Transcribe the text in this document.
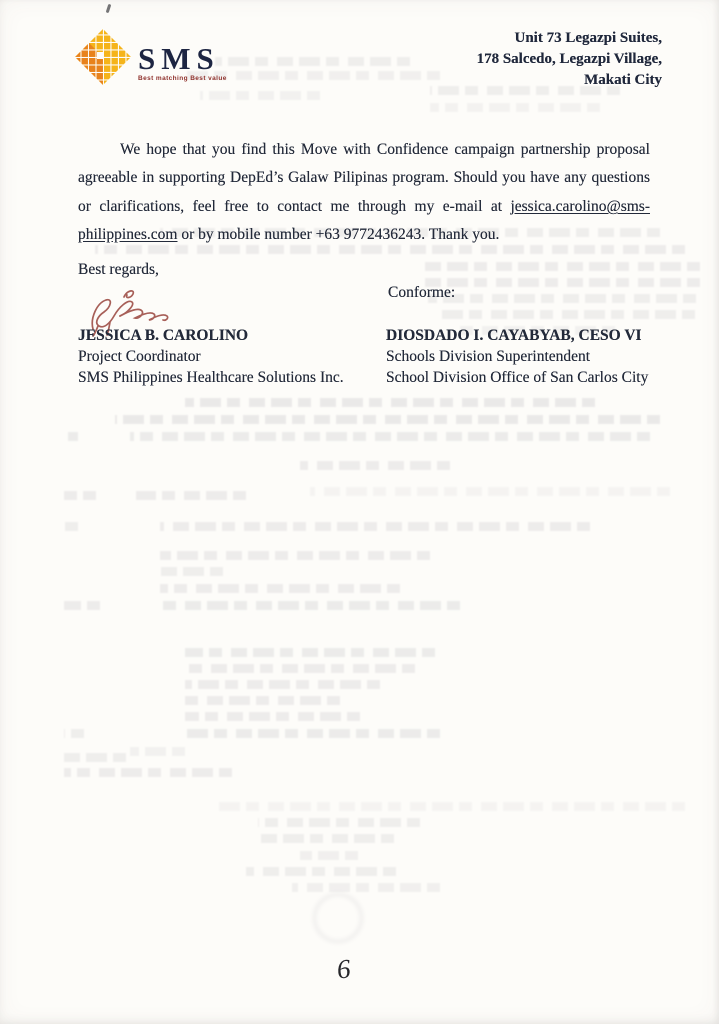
SMS
Best matching Best value
Unit 73 Legazpi Suites,
178 Salcedo, Legazpi Village,
Makati City

We hope that you find this Move with Confidence campaign partnership proposal agreeable in supporting DepEd’s Galaw Pilipinas program. Should you have any questions or clarifications, feel free to contact me through my e-mail at jessica.carolino@sms-philippines.com or by mobile number +63 9772436243. Thank you.

Best regards,
Conforme:
JESSICA B. CAROLINO
Project Coordinator
SMS Philippines Healthcare Solutions Inc.
DIOSDADO I. CAYABYAB, CESO VI
Schools Division Superintendent
School Division Office of San Carlos City
6
